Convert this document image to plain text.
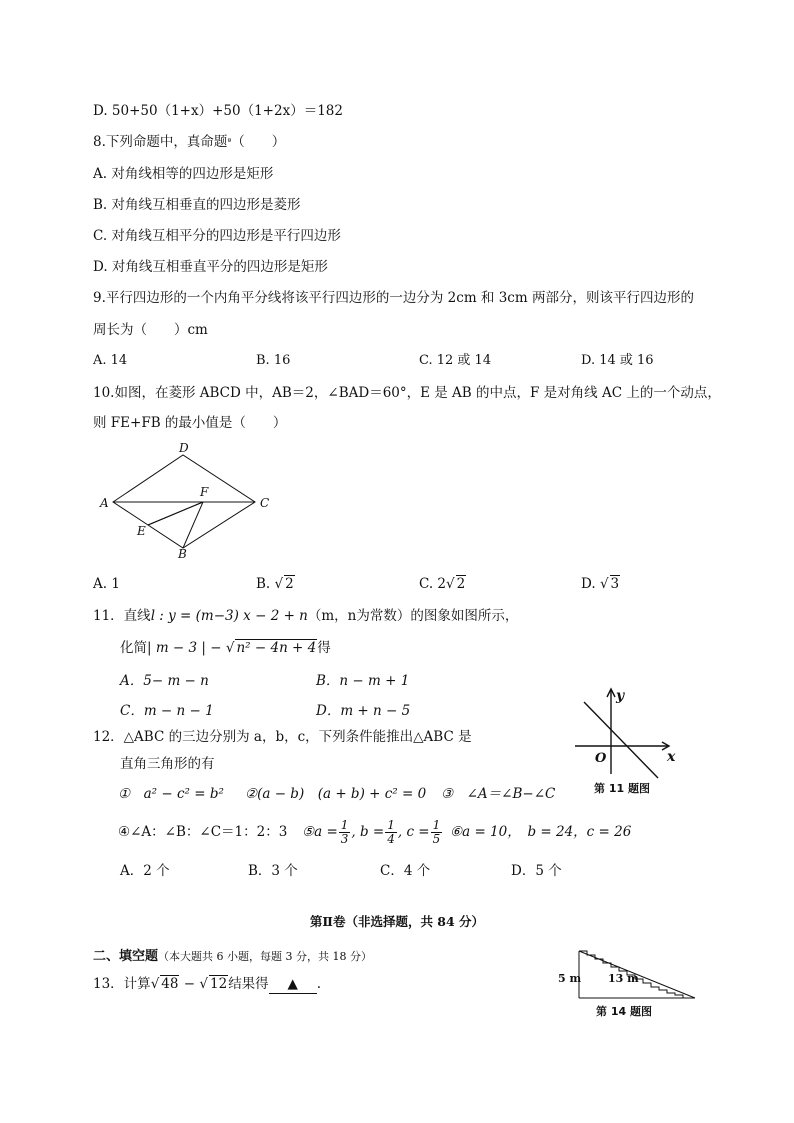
D. 50+50（1+x）+50（1+2x）＝182
8.下列命题中，真命题$^ª$（　　）
A. 对角线相等的四边形是矩形
B. 对角线互相垂直的四边形是菱形
C. 对角线互相平分的四边形是平行四边形
D. 对角线互相垂直平分的四边形是矩形
9.平行四边形的一个内角平分线将该平行四边形的一边分为 2cm 和 3cm 两部分，则该平行四边形的
周长为（　　）cm
A. 14	B. 16	C. 12 或 14	D. 14 或 16
10.如图，在菱形 ABCD 中，AB＝2，∠BAD＝60°，E 是 AB 的中点，F 是对角线 AC 上的一个动点，
则 FE+FB 的最小值是（　　）
A
D
C
B
E
F
A. 1	B. √ 2	C. 2√ 2	D. √ 3
11．直线l : y = (m−3) x − 2 + n（m，n为常数）的图象如图所示，
化简| m − 3 | − √ n² − 4n + 4得
A．5− m − n	B．n − m + 1
C．m − n − 1	D．m + n − 5
y
x
O
第 11 题图
12．△ABC 的三边分别为 a，b，c，下列条件能推出△ABC 是
直角三角形的有
①　a² − c² = b² ②(a − b)　(a + b) + c² = 0 ③　∠A＝∠B−∠C
④∠A：∠B：∠C＝1：2：3 ⑤a = $\frac{1}{3}$ , $b = \frac{1}{4}$ , $c = \frac{1}{5}$ ⑥a = 10，　b = 24，c = 26
A．2 个	B．3 个	C．4 个	D．5 个
第Ⅱ卷（非选择题，共 84 分）
二、填空题（本大题共 6 小题，每题 3 分，共 18 分）
13．计算√ 48 − √ 12结果得 ▲ .	5 m 13 m
第 14 题图
